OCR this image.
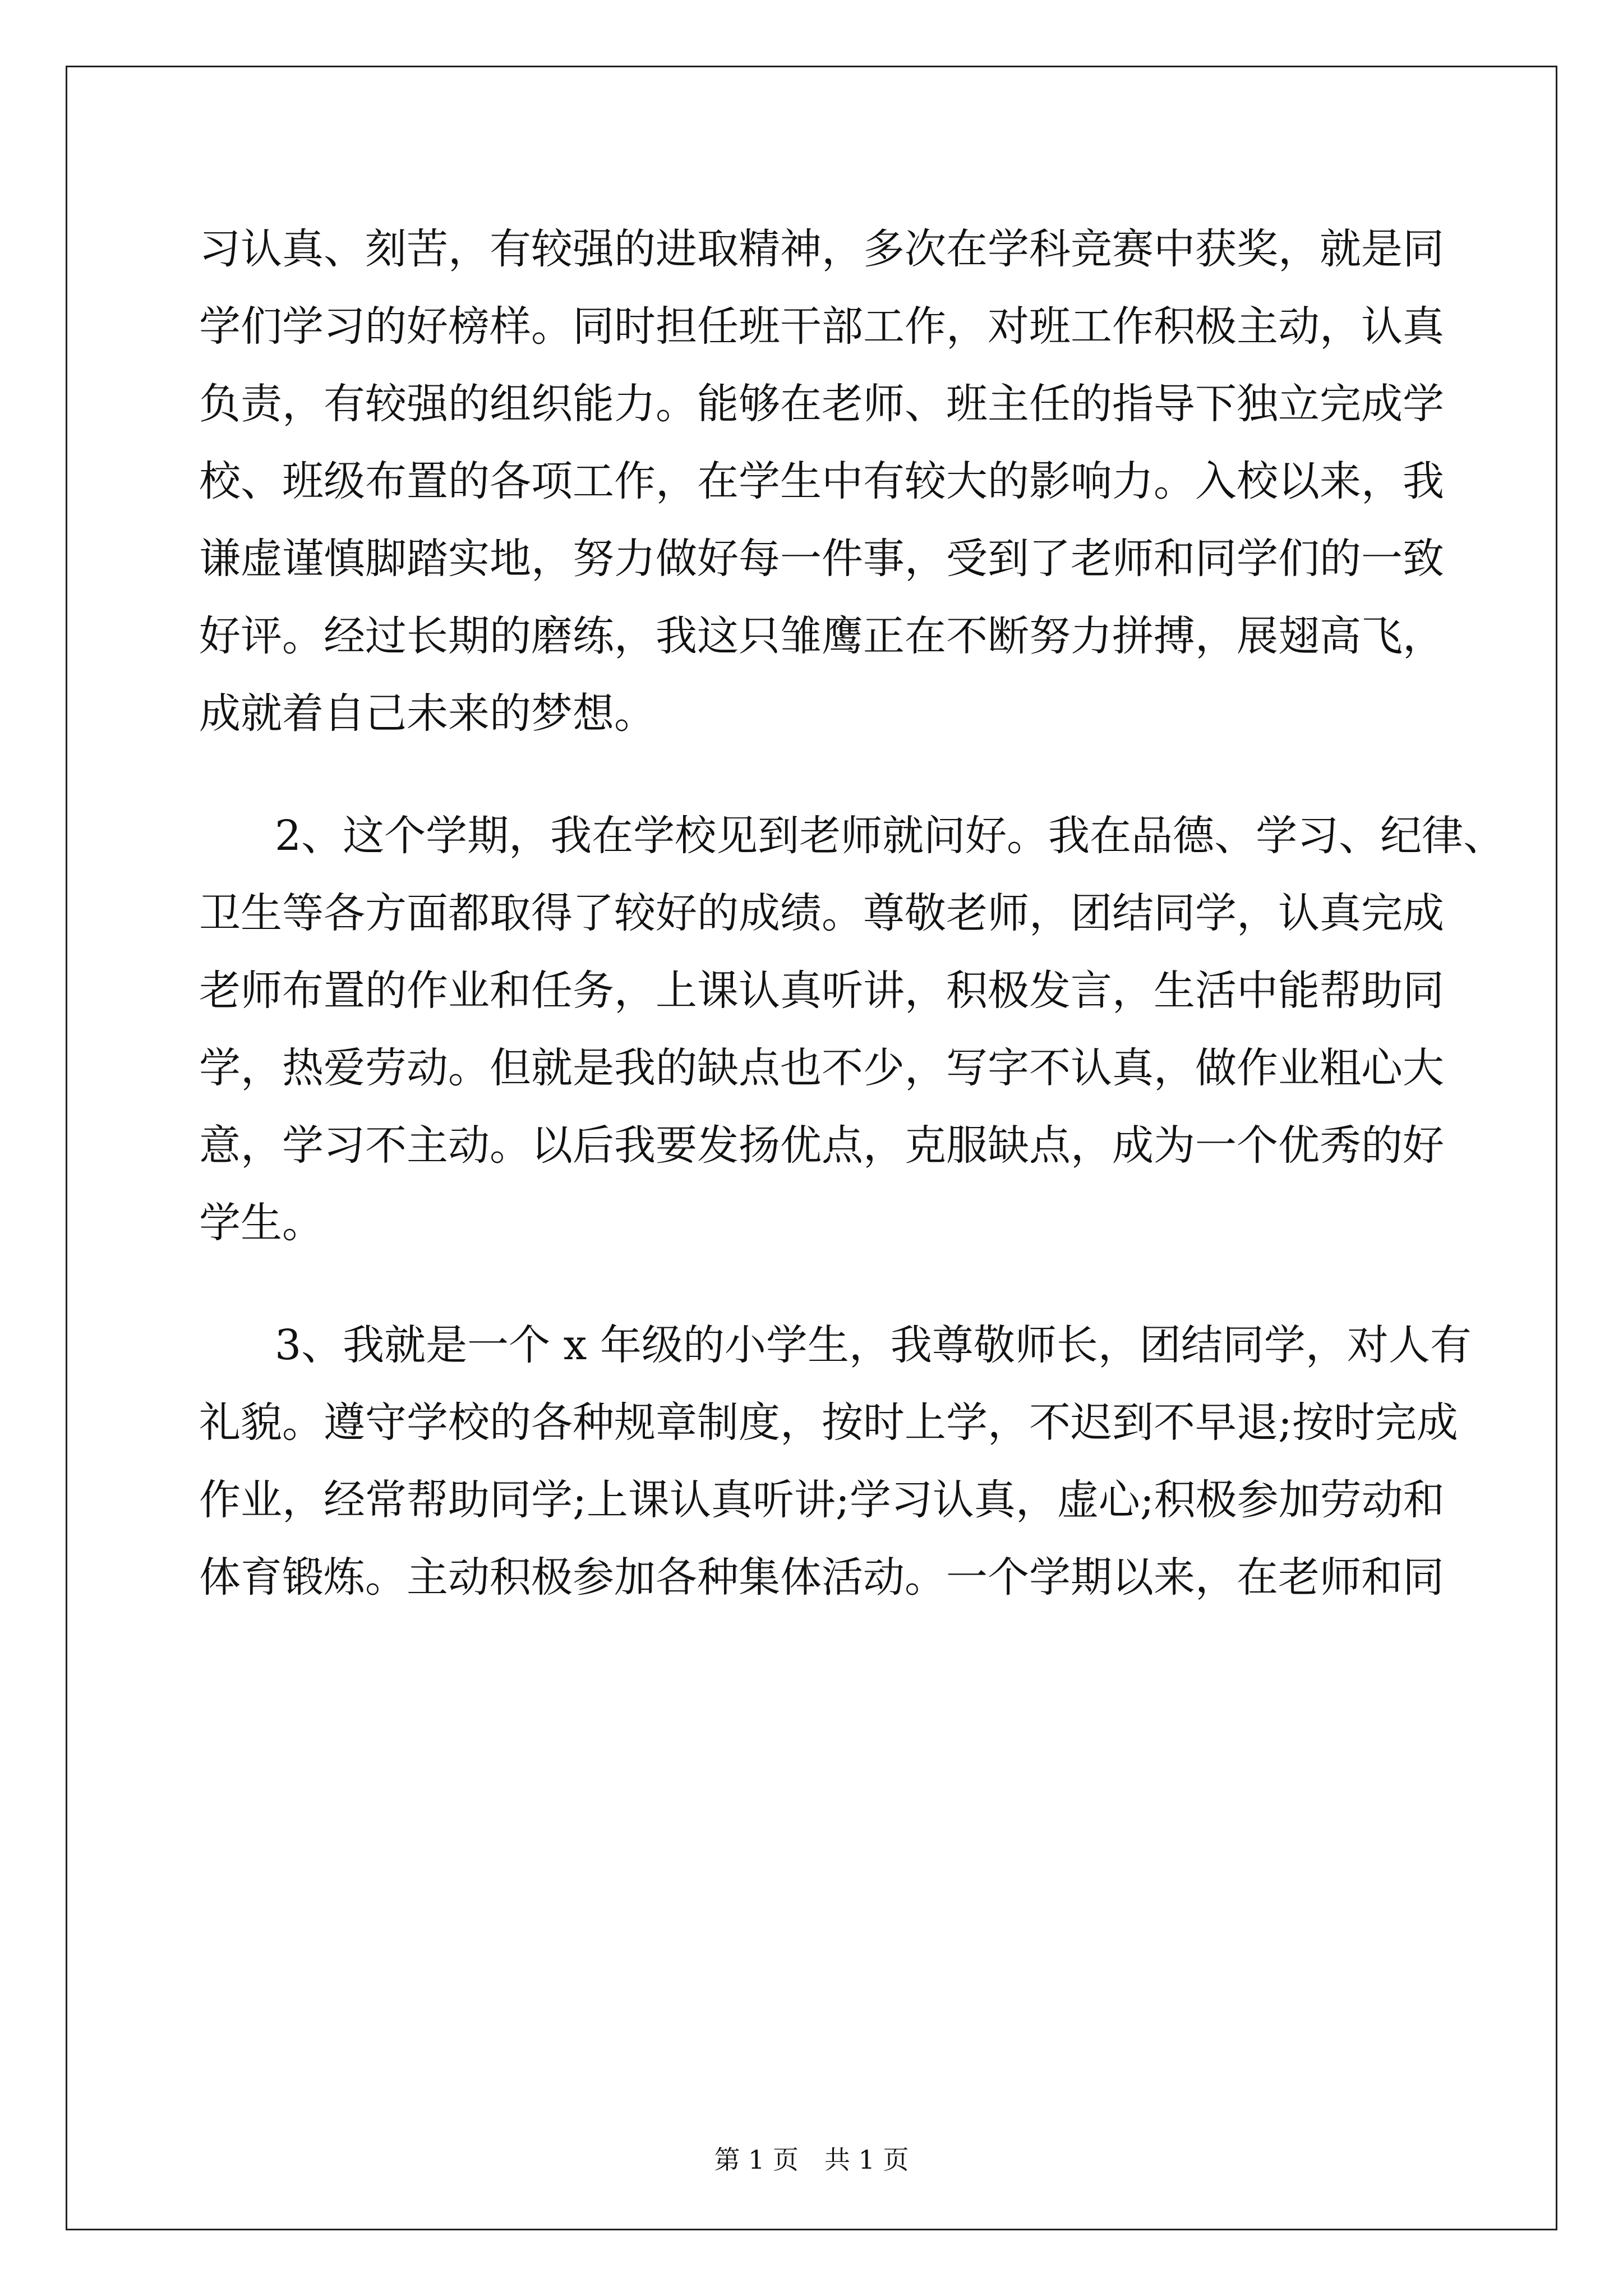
习认真、刻苦，有较强的进取精神，多次在学科竞赛中获奖，就是同
学们学习的好榜样。同时担任班干部工作，对班工作积极主动，认真
负责，有较强的组织能力。能够在老师、班主任的指导下独立完成学
校、班级布置的各项工作，在学生中有较大的影响力。入校以来，我
谦虚谨慎脚踏实地，努力做好每一件事，受到了老师和同学们的一致
好评。经过长期的磨练，我这只雏鹰正在不断努力拼搏，展翅高飞，
成就着自己未来的梦想。
2、这个学期，我在学校见到老师就问好。我在品德、学习、纪律、
卫生等各方面都取得了较好的成绩。尊敬老师，团结同学，认真完成
老师布置的作业和任务，上课认真听讲，积极发言，生活中能帮助同
学，热爱劳动。但就是我的缺点也不少，写字不认真，做作业粗心大
意，学习不主动。以后我要发扬优点，克服缺点，成为一个优秀的好
学生。
3、我就是一个 x 年级的小学生，我尊敬师长，团结同学，对人有
礼貌。遵守学校的各种规章制度，按时上学，不迟到不早退;按时完成
作业，经常帮助同学;上课认真听讲;学习认真，虚心;积极参加劳动和
体育锻炼。主动积极参加各种集体活动。一个学期以来，在老师和同
第 1 页　共 1 页
